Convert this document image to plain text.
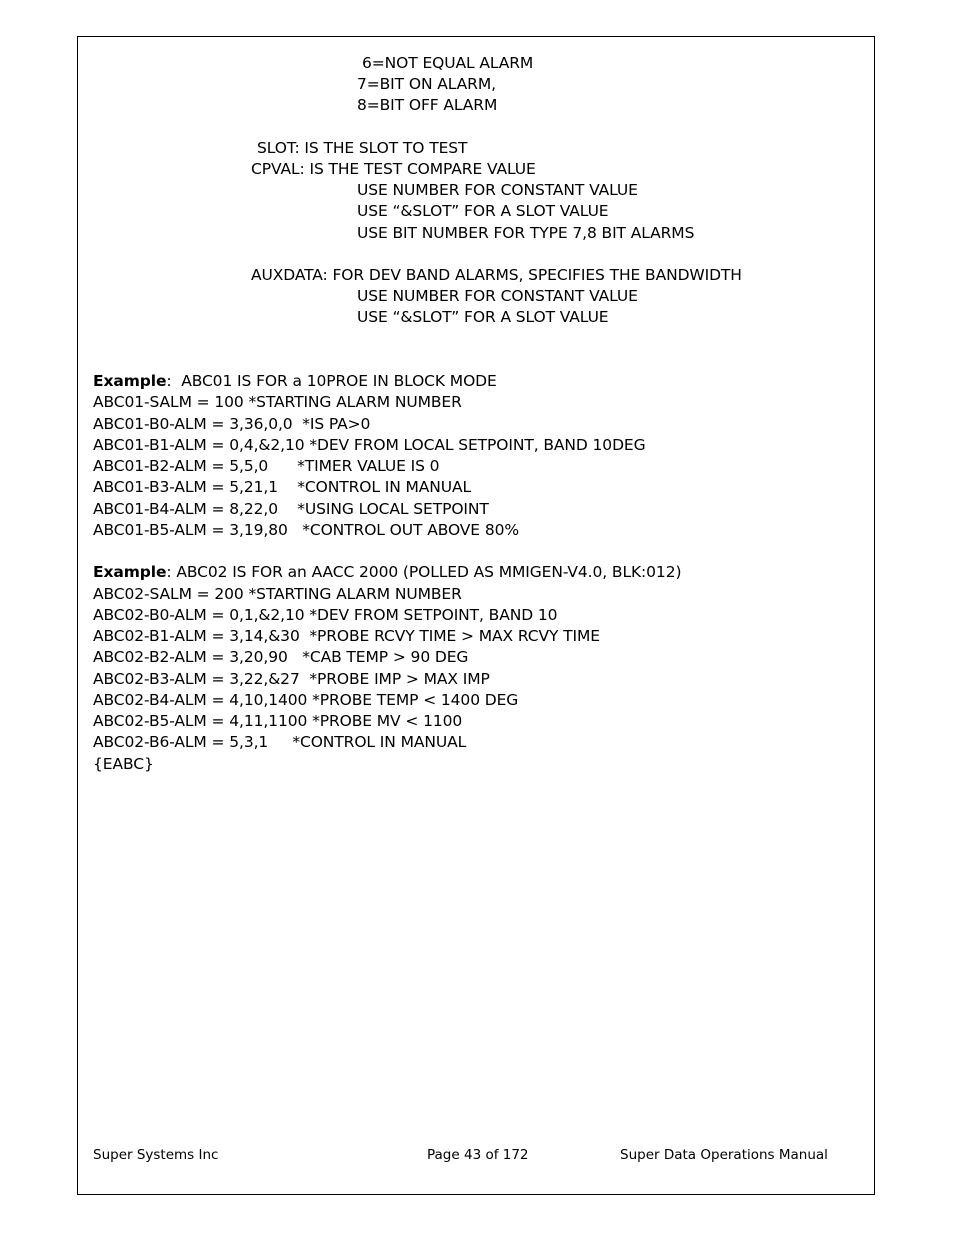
6=NOT EQUAL ALARM
7=BIT ON ALARM,
8=BIT OFF ALARM
SLOT: IS THE SLOT TO TEST
CPVAL: IS THE TEST COMPARE VALUE
USE NUMBER FOR CONSTANT VALUE
USE “&SLOT” FOR A SLOT VALUE
USE BIT NUMBER FOR TYPE 7,8 BIT ALARMS
AUXDATA: FOR DEV BAND ALARMS, SPECIFIES THE BANDWIDTH
USE NUMBER FOR CONSTANT VALUE
USE “&SLOT” FOR A SLOT VALUE
Example:  ABC01 IS FOR a 10PROE IN BLOCK MODE
ABC01-SALM = 100 *STARTING ALARM NUMBER
ABC01-B0-ALM = 3,36,0,0  *IS PA>0
ABC01-B1-ALM = 0,4,&2,10 *DEV FROM LOCAL SETPOINT, BAND 10DEG
ABC01-B2-ALM = 5,5,0      *TIMER VALUE IS 0
ABC01-B3-ALM = 5,21,1    *CONTROL IN MANUAL
ABC01-B4-ALM = 8,22,0    *USING LOCAL SETPOINT
ABC01-B5-ALM = 3,19,80   *CONTROL OUT ABOVE 80%
Example: ABC02 IS FOR an AACC 2000 (POLLED AS MMIGEN-V4.0, BLK:012)
ABC02-SALM = 200 *STARTING ALARM NUMBER
ABC02-B0-ALM = 0,1,&2,10 *DEV FROM SETPOINT, BAND 10
ABC02-B1-ALM = 3,14,&30  *PROBE RCVY TIME > MAX RCVY TIME
ABC02-B2-ALM = 3,20,90   *CAB TEMP > 90 DEG
ABC02-B3-ALM = 3,22,&27  *PROBE IMP > MAX IMP
ABC02-B4-ALM = 4,10,1400 *PROBE TEMP < 1400 DEG
ABC02-B5-ALM = 4,11,1100 *PROBE MV < 1100
ABC02-B6-ALM = 5,3,1     *CONTROL IN MANUAL
{EABC}
Super Systems Inc	Page 43 of 172	Super Data Operations Manual
